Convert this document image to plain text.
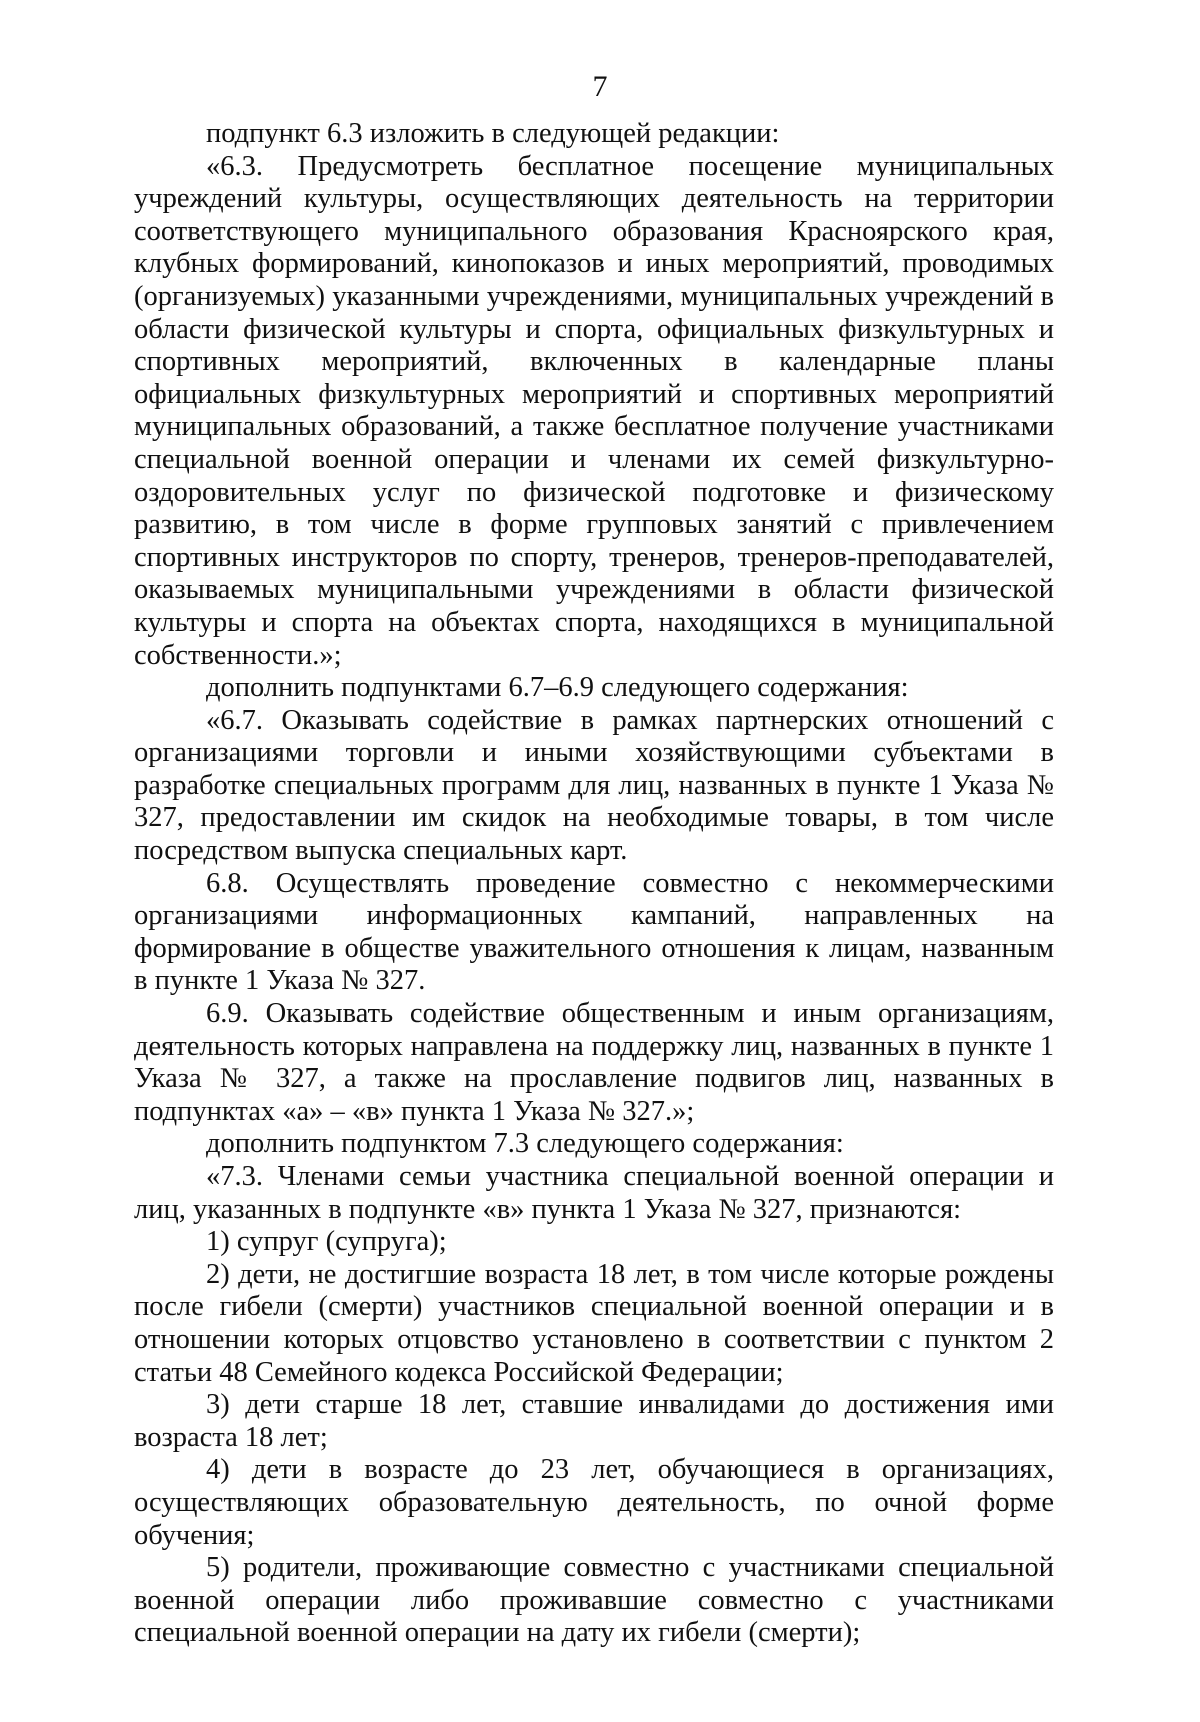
7

подпункт 6.3 изложить в следующей редакции:

«6.3. Предусмотреть бесплатное посещение муниципальных учреждений культуры, осуществляющих деятельность на территории соответствующего муниципального образования Красноярского края, клубных формирований, кинопоказов и иных мероприятий, проводимых (организуемых) указанными учреждениями, муниципальных учреждений в области физической культуры и спорта, официальных физкультурных и спортивных мероприятий, включенных в календарные планы официальных физкультурных мероприятий и спортивных мероприятий муниципальных образований, а также бесплатное получение участниками специальной военной операции и членами их семей физкультурно-оздоровительных услуг по физической подготовке и физическому развитию, в том числе в форме групповых занятий с привлечением спортивных инструкторов по спорту, тренеров, тренеров-преподавателей, оказываемых муниципальными учреждениями в области физической культуры и спорта на объектах спорта, находящихся в муниципальной собственности.»;

дополнить подпунктами 6.7–6.9 следующего содержания:

«6.7. Оказывать содействие в рамках партнерских отношений с организациями торговли и иными хозяйствующими субъектами в разработке специальных программ для лиц, названных в пункте 1 Указа № 327, предоставлении им скидок на необходимые товары, в том числе посредством выпуска специальных карт.

6.8. Осуществлять проведение совместно с некоммерческими организациями информационных кампаний, направленных на формирование в обществе уважительного отношения к лицам, названным в пункте 1 Указа № 327.

6.9. Оказывать содействие общественным и иным организациям, деятельность которых направлена на поддержку лиц, названных в пункте 1 Указа № 327, а также на прославление подвигов лиц, названных в подпунктах «а» – «в» пункта 1 Указа № 327.»;

дополнить подпунктом 7.3 следующего содержания:

«7.3. Членами семьи участника специальной военной операции и лиц, указанных в подпункте «в» пункта 1 Указа № 327, признаются:

1) супруг (супруга);

2) дети, не достигшие возраста 18 лет, в том числе которые рождены после гибели (смерти) участников специальной военной операции и в отношении которых отцовство установлено в соответствии с пунктом 2 статьи 48 Семейного кодекса Российской Федерации;

3) дети старше 18 лет, ставшие инвалидами до достижения ими возраста 18 лет;

4) дети в возрасте до 23 лет, обучающиеся в организациях, осуществляющих образовательную деятельность, по очной форме обучения;

5) родители, проживающие совместно с участниками специальной военной операции либо проживавшие совместно с участниками специальной военной операции на дату их гибели (смерти);
